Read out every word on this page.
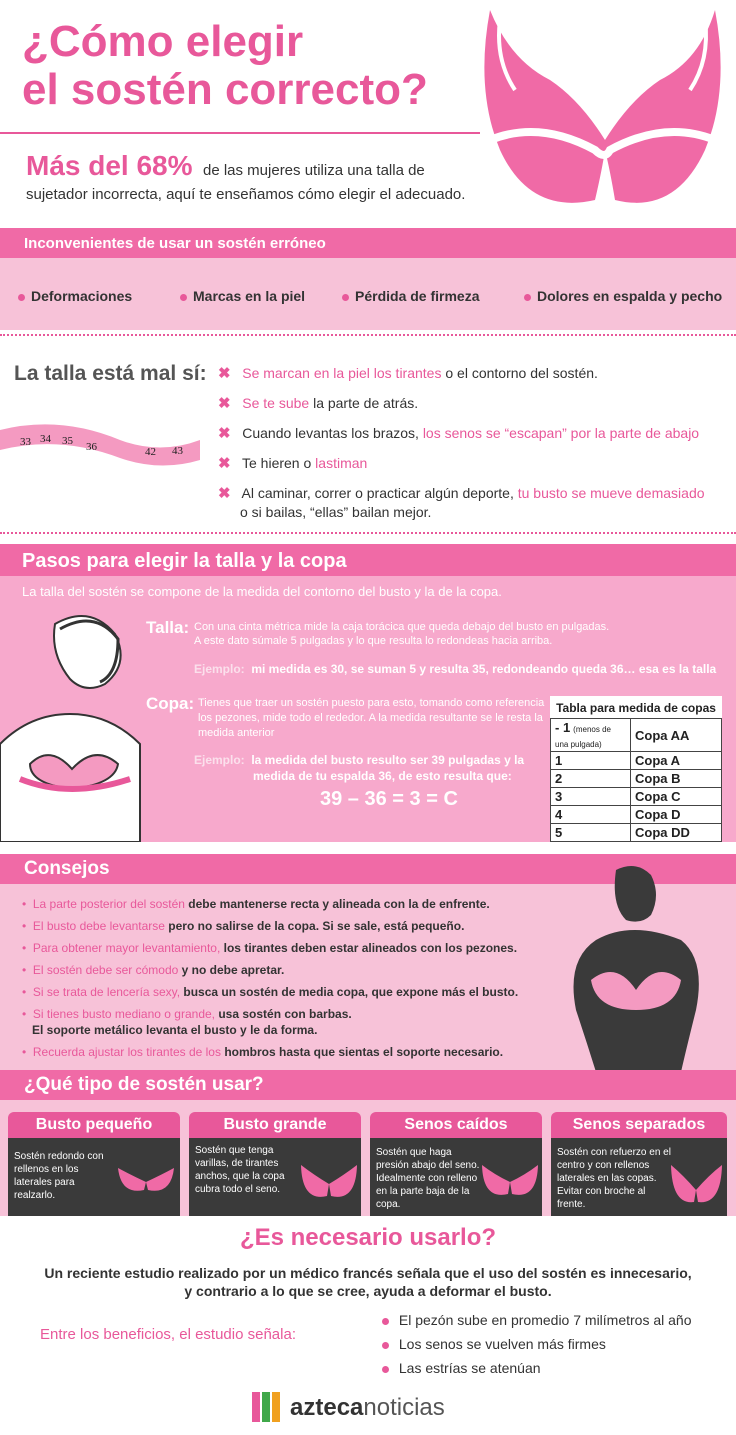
¿Cómo elegir
el sostén correcto?
Más del 68% de las mujeres utiliza una talla de
sujetador incorrecta, aquí te enseñamos cómo elegir el adecuado.
Inconvenientes de usar un sostén erróneo
Deformaciones	Marcas en la piel	Pérdida de firmeza	Dolores en espalda y pecho
La talla está mal sí:
33 34 35 36	42 43
✖ Se marcan en la piel los tirantes o el contorno del sostén.
✖ Se te sube la parte de atrás.
✖ Cuando levantas los brazos, los senos se “escapan” por la parte de abajo
✖ Te hieren o lastiman
✖ Al caminar, correr o practicar algún deporte, tu busto se mueve demasiado
o si bailas, “ellas” bailan mejor.
Pasos para elegir la talla y la copa
La talla del sostén se compone de la medida del contorno del busto y la de la copa.
Talla: Con una cinta métrica mide la caja torácica que queda debajo del busto en pulgadas.
A este dato súmale 5 pulgadas y lo que resulta lo redondeas hacia arriba.
Ejemplo: mi medida es 30, se suman 5 y resulta 35, redondeando queda 36… esa es la talla
Copa: Tienes que traer un sostén puesto para esto, tomando como referencia
los pezones, mide todo el rededor. A la medida resultante se le resta la
medida anterior
Ejemplo: la medida del busto resulto ser 39 pulgadas y la
medida de tu espalda 36, de esto resulta que:
39 – 36 = 3 = C
Tabla para medida de copas
- 1 (menos de una pulgada)	Copa AA
1	Copa A
2	Copa B
3	Copa C
4	Copa D
5	Copa DD
Consejos
• La parte posterior del sostén debe mantenerse recta y alineada con la de enfrente.
• El busto debe levantarse pero no salirse de la copa. Si se sale, está pequeño.
• Para obtener mayor levantamiento, los tirantes deben estar alineados con los pezones.
• El sostén debe ser cómodo y no debe apretar.
• Si se trata de lencería sexy, busca un sostén de media copa, que expone más el busto.
• Si tienes busto mediano o grande, usa sostén con barbas.
El soporte metálico levanta el busto y le da forma.
• Recuerda ajustar los tirantes de los hombros hasta que sientas el soporte necesario.
¿Qué tipo de sostén usar?
Busto pequeño
Sostén redondo con rellenos en los laterales para realzarlo.
Busto grande
Sostén que tenga varillas, de tirantes anchos, que la copa cubra todo el seno.
Senos caídos
Sostén que haga presión abajo del seno. Idealmente con relleno en la parte baja de la copa.
Senos separados
Sostén con refuerzo en el centro y con rellenos laterales en las copas. Evitar con broche al frente.
¿Es necesario usarlo?
Un reciente estudio realizado por un médico francés señala que el uso del sostén es innecesario,
y contrario a lo que se cree, ayuda a deformar el busto.
Entre los beneficios, el estudio señala:
El pezón sube en promedio 7 milímetros al año
Los senos se vuelven más firmes
Las estrías se atenúan
aztecanoticias
